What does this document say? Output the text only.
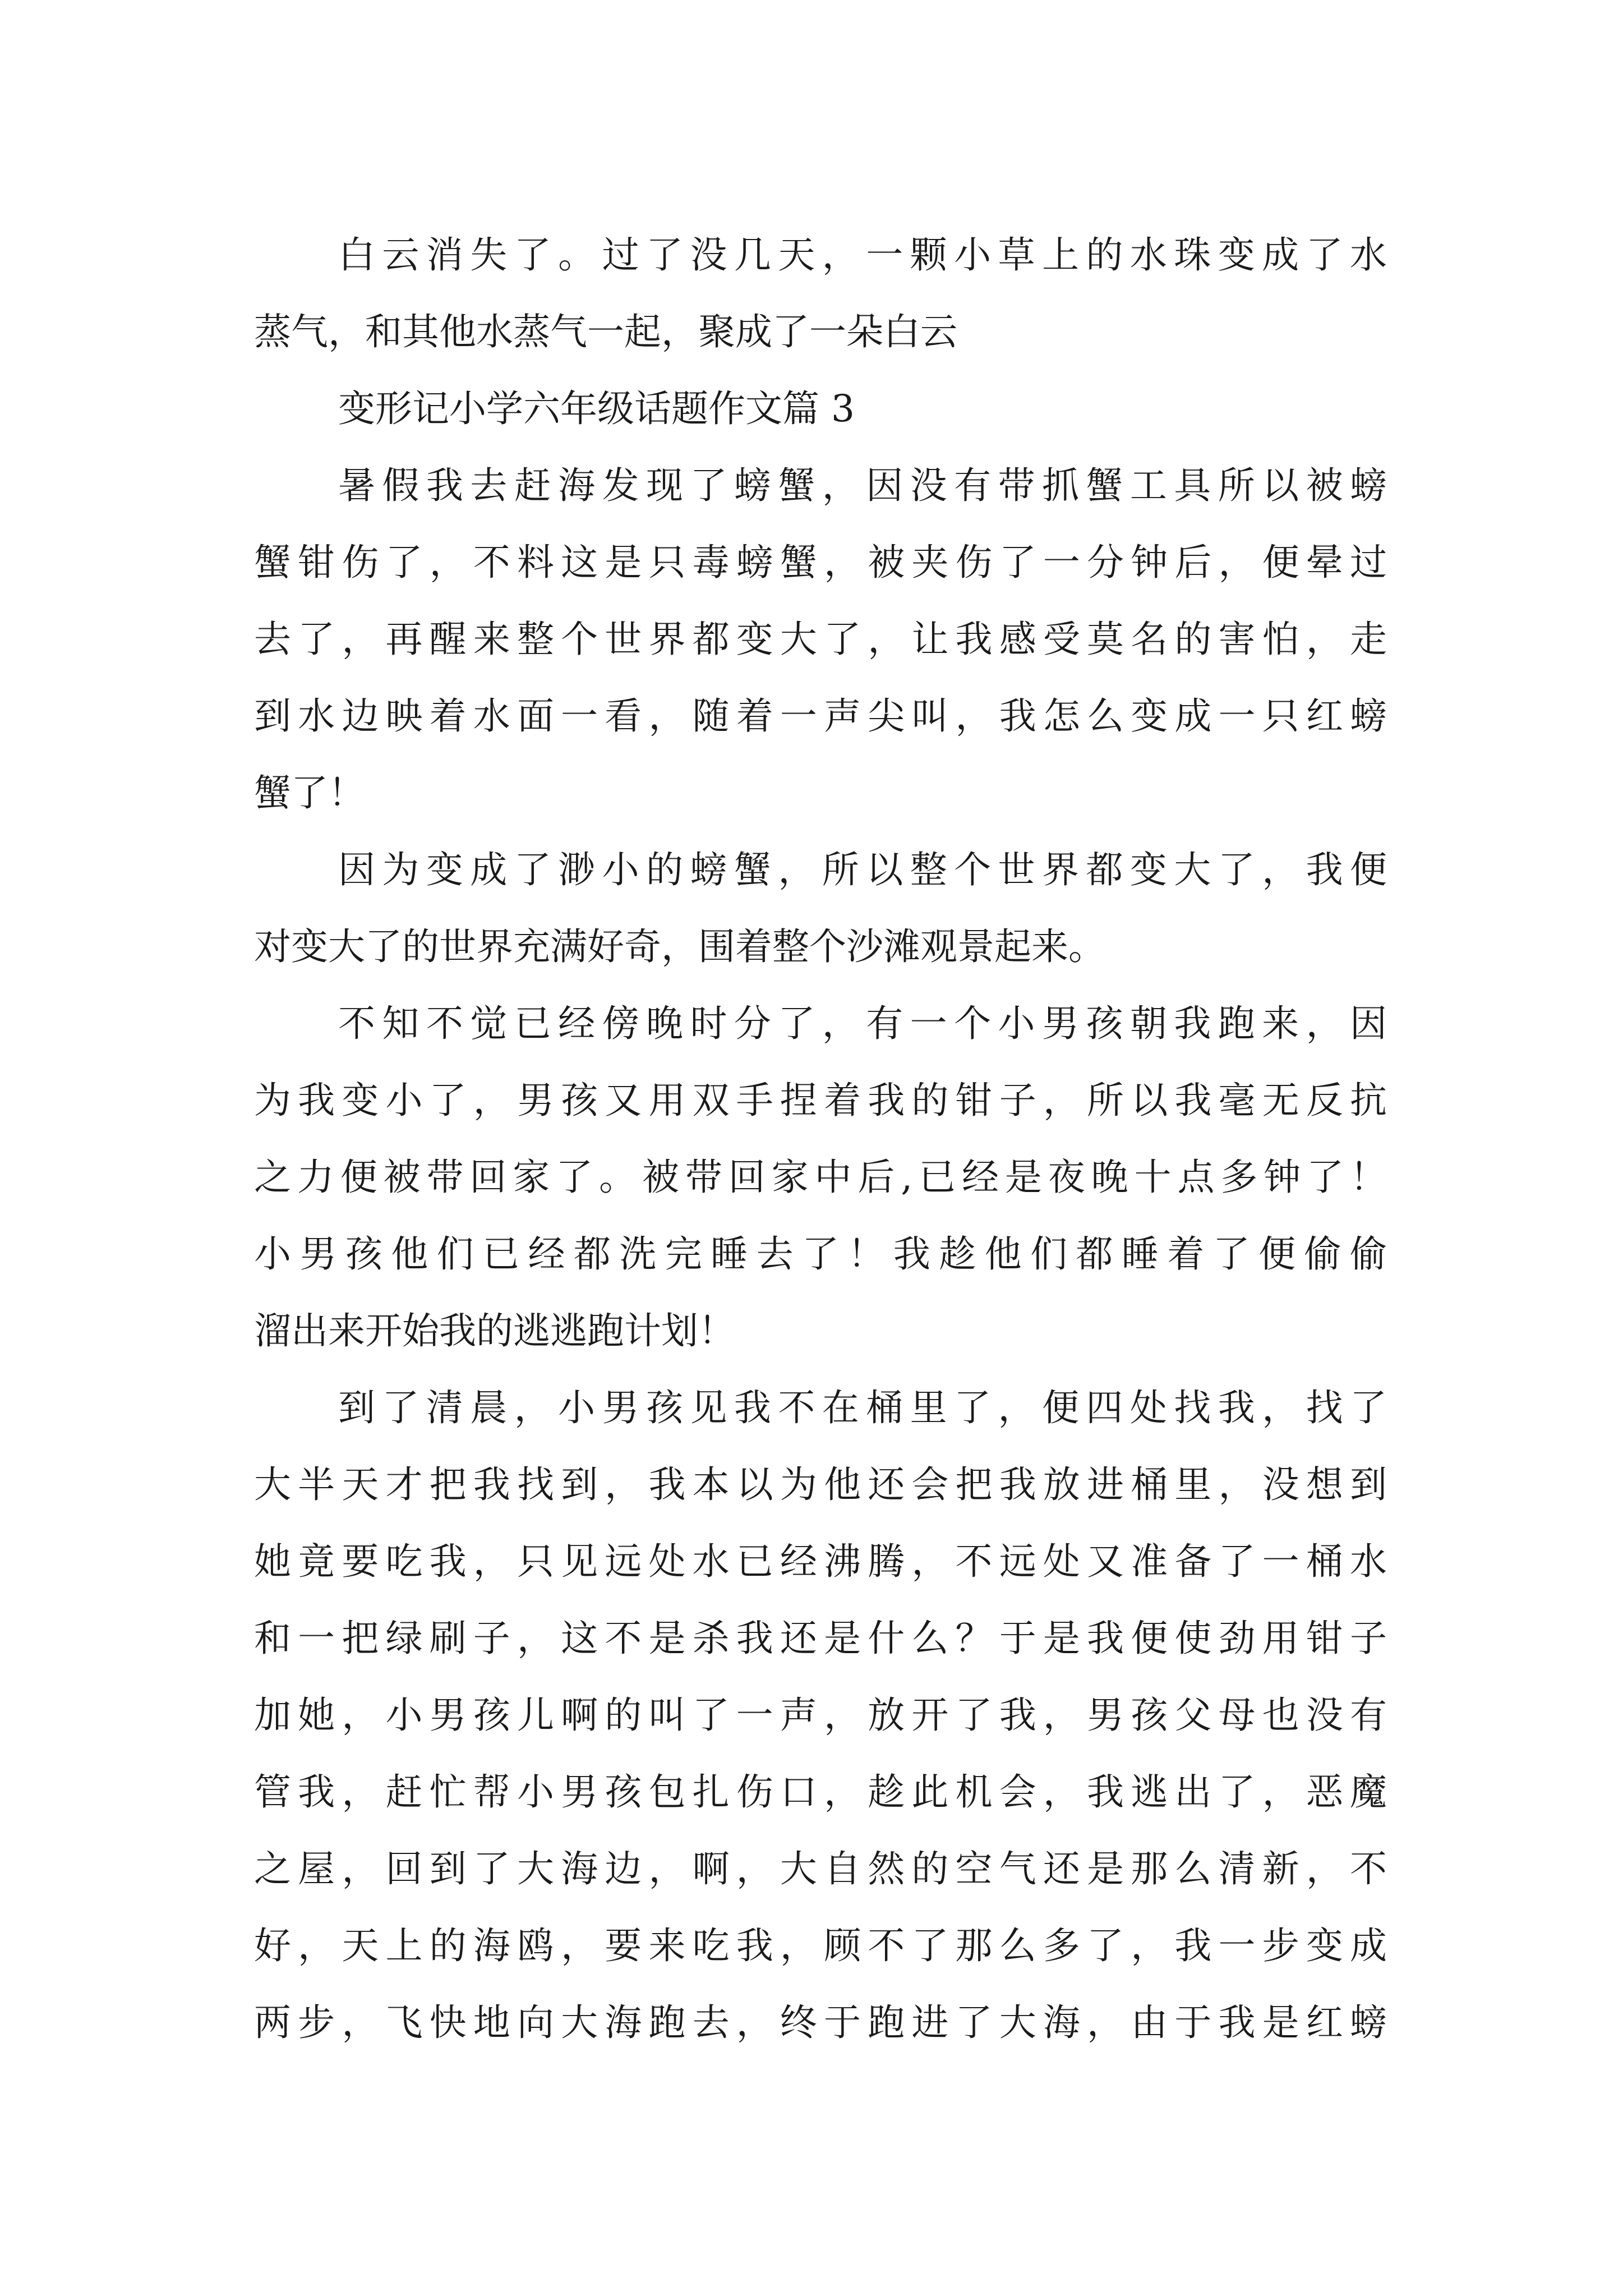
白云消失了。过了没几天，一颗小草上的水珠变成了水
蒸气，和其他水蒸气一起，聚成了一朵白云
变形记小学六年级话题作文篇 3
暑假我去赶海发现了螃蟹，因没有带抓蟹工具所以被螃
蟹钳伤了，不料这是只毒螃蟹，被夹伤了一分钟后，便晕过
去了，再醒来整个世界都变大了，让我感受莫名的害怕，走
到水边映着水面一看，随着一声尖叫，我怎么变成一只红螃
蟹了！
因为变成了渺小的螃蟹，所以整个世界都变大了，我便
对变大了的世界充满好奇，围着整个沙滩观景起来。
不知不觉已经傍晚时分了，有一个小男孩朝我跑来，因
为我变小了，男孩又用双手捏着我的钳子，所以我毫无反抗
之力便被带回家了。被带回家中后,已经是夜晚十点多钟了！
小男孩他们已经都洗完睡去了！我趁他们都睡着了便偷偷
溜出来开始我的逃逃跑计划！
到了清晨，小男孩见我不在桶里了，便四处找我，找了
大半天才把我找到，我本以为他还会把我放进桶里，没想到
她竟要吃我，只见远处水已经沸腾，不远处又准备了一桶水
和一把绿刷子，这不是杀我还是什么？于是我便使劲用钳子
加她，小男孩儿啊的叫了一声，放开了我，男孩父母也没有
管我，赶忙帮小男孩包扎伤口，趁此机会，我逃出了，恶魔
之屋，回到了大海边，啊，大自然的空气还是那么清新，不
好，天上的海鸥，要来吃我，顾不了那么多了，我一步变成
两步，飞快地向大海跑去，终于跑进了大海，由于我是红螃
